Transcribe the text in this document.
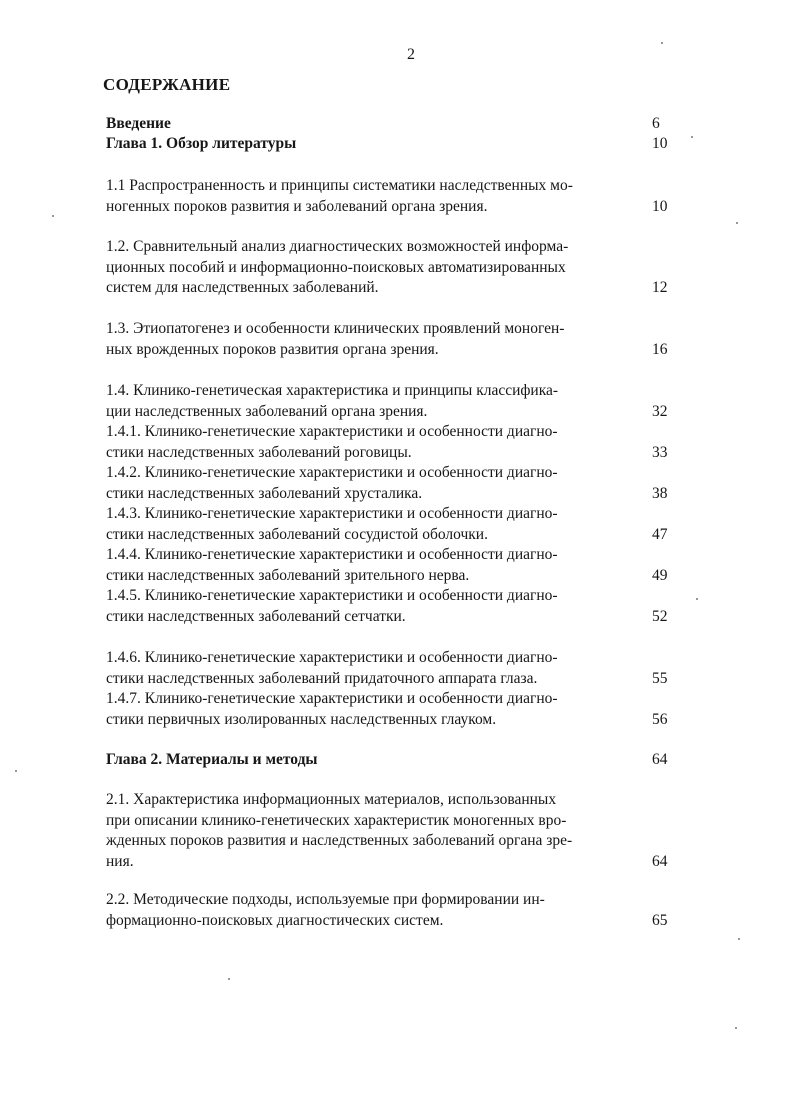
2
СОДЕРЖАНИЕ
Введение	6
Глава 1. Обзор литературы	10
1.1 Распространенность и принципы систематики наследственных мо-
ногенных пороков развития и заболеваний органа зрения.	10
1.2. Сравнительный анализ диагностических возможностей информа-
ционных пособий и информационно-поисковых автоматизированных
систем для наследственных заболеваний.	12
1.3. Этиопатогенез и особенности клинических проявлений моноген-
ных врожденных пороков развития органа зрения.	16
1.4. Клинико-генетическая характеристика и принципы классифика-
ции наследственных заболеваний органа зрения.	32
1.4.1. Клинико-генетические характеристики и особенности диагно-
стики наследственных заболеваний роговицы.	33
1.4.2. Клинико-генетические характеристики и особенности диагно-
стики наследственных заболеваний хрусталика.	38
1.4.3. Клинико-генетические характеристики и особенности диагно-
стики наследственных заболеваний сосудистой оболочки.	47
1.4.4. Клинико-генетические характеристики и особенности диагно-
стики наследственных заболеваний зрительного нерва.	49
1.4.5. Клинико-генетические характеристики и особенности диагно-
стики наследственных заболеваний сетчатки.	52
1.4.6. Клинико-генетические характеристики и особенности диагно-
стики наследственных заболеваний придаточного аппарата глаза.	55
1.4.7. Клинико-генетические характеристики и особенности диагно-
стики первичных изолированных наследственных глауком.	56
Глава 2. Материалы и методы	64
2.1. Характеристика информационных материалов, использованных
при описании клинико-генетических характеристик моногенных вро-
жденных пороков развития и наследственных заболеваний органа зре-
ния.	64
2.2. Методические подходы, используемые при формировании ин-
формационно-поисковых диагностических систем.	65
